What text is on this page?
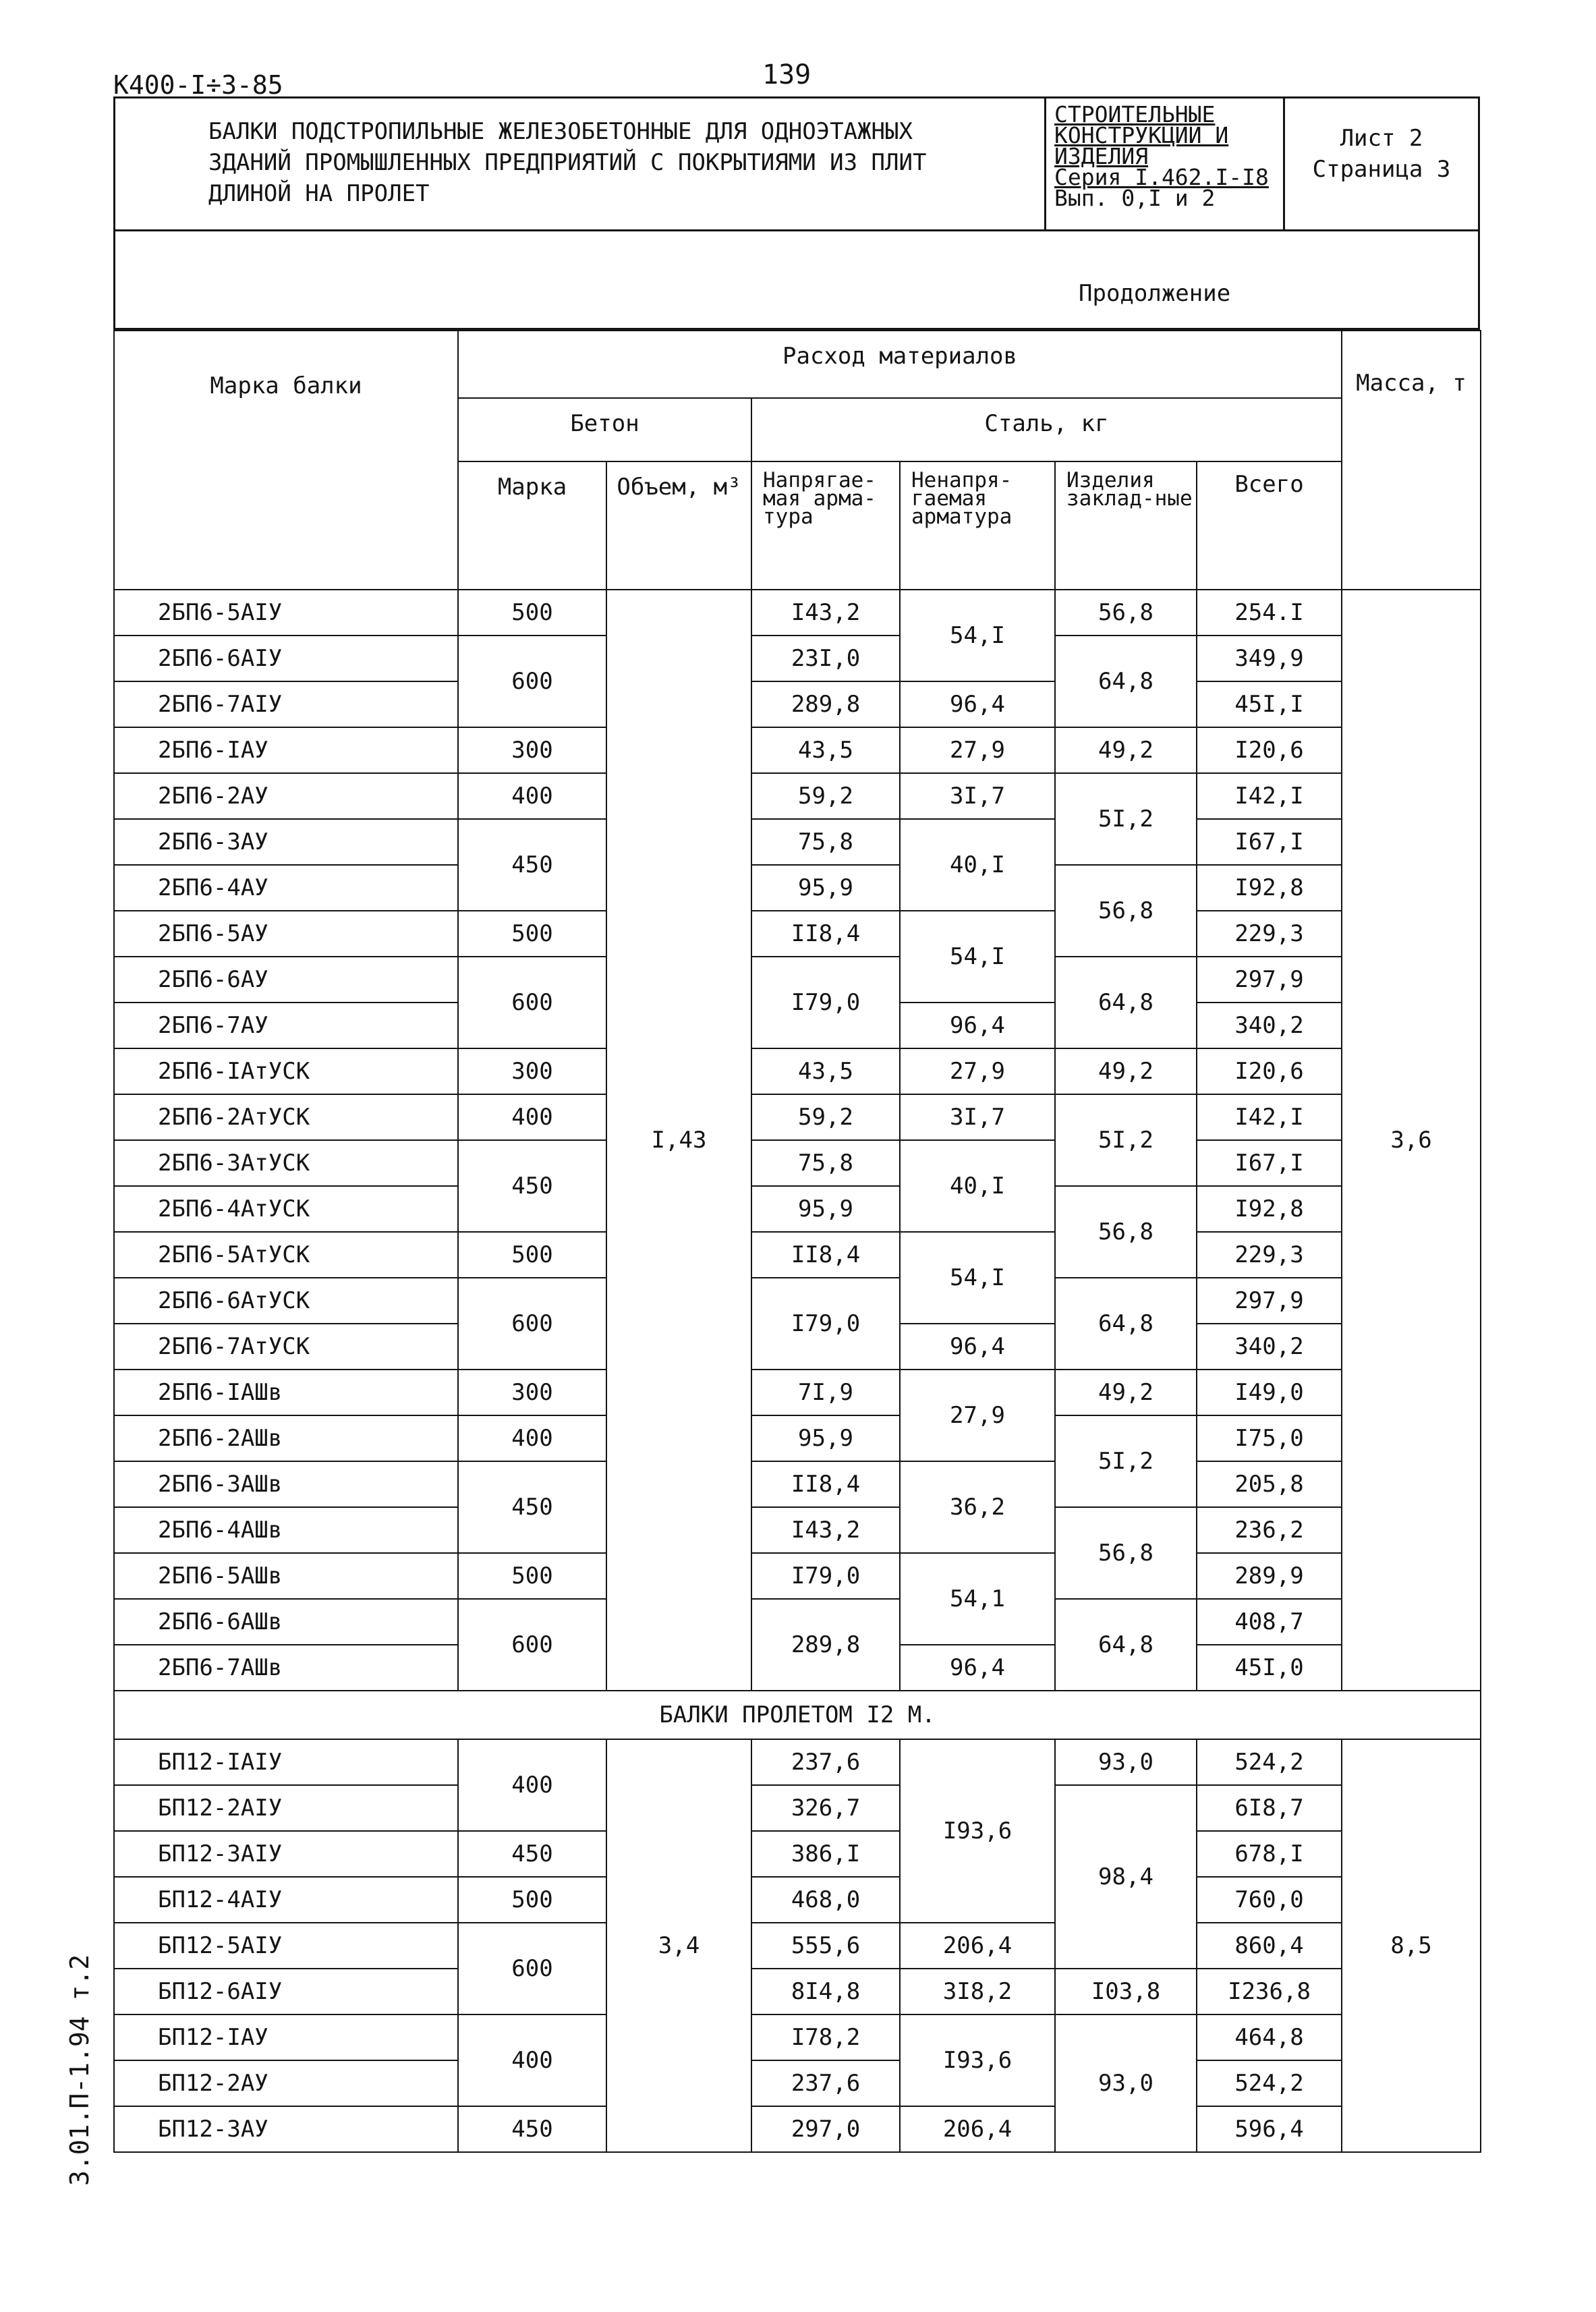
К400-I÷3-85	139
3.01.П-1.94 т.2
БАЛКИ ПОДСТРОПИЛЬНЫЕ ЖЕЛЕЗОБЕТОННЫЕ ДЛЯ ОДНОЭТАЖНЫХ
ЗДАНИЙ ПРОМЫШЛЕННЫХ ПРЕДПРИЯТИЙ С ПОКРЫТИЯМИ ИЗ ПЛИТ
ДЛИНОЙ НА ПРОЛЕТ
СТРОИТЕЛЬНЫЕ
КОНСТРУКЦИИ И
ИЗДЕЛИЯ
Серия I.462.I-I8
Вып. 0,I и 2
Лист 2
Страница 3
Продолжение
Марка балки	Расход материалов						Масса, т
	Бетон		Сталь, кг				
	Марка	Объем, м³	Напрягае-мая арма-тура	Ненапря-гаемая арматура	Изделия заклад-ные	Всего	
2БП6-5АIУ	500	I,43	I43,2	54,I	56,8	254.I	3,6
2БП6-6АIУ	600		23I,0		64,8	349,9	
2БП6-7АIУ			289,8	96,4		45I,I	
2БП6-IАУ	300		43,5	27,9	49,2	I20,6	
2БП6-2АУ	400		59,2	3I,7	5I,2	I42,I	
2БП6-3АУ	450		75,8	40,I		I67,I	
2БП6-4АУ			95,9		56,8	I92,8	
2БП6-5АУ	500		II8,4	54,I		229,3	
2БП6-6АУ	600		I79,0		64,8	297,9	
2БП6-7АУ				96,4		340,2	
2БП6-IАтУСК	300		43,5	27,9	49,2	I20,6	
2БП6-2АтУСК	400		59,2	3I,7	5I,2	I42,I	
2БП6-3АтУСК	450		75,8	40,I		I67,I	
2БП6-4АтУСК			95,9		56,8	I92,8	
2БП6-5АтУСК	500		II8,4	54,I		229,3	
2БП6-6АтУСК	600		I79,0		64,8	297,9	
2БП6-7АтУСК				96,4		340,2	
2БП6-IАШв	300		7I,9	27,9	49,2	I49,0	
2БП6-2АШв	400		95,9		5I,2	I75,0	
2БП6-3АШв	450		II8,4	36,2		205,8	
2БП6-4АШв			I43,2		56,8	236,2	
2БП6-5АШв	500		I79,0	54,1		289,9	
2БП6-6АШв	600		289,8		64,8	408,7	
2БП6-7АШв				96,4		45I,0	
БАЛКИ ПРОЛЕТОМ I2 М.							
БП12-IАIУ	400	3,4	237,6	I93,6	93,0	524,2	8,5
БП12-2АIУ			326,7		98,4	6I8,7	
БП12-3АIУ	450		386,I			678,I	
БП12-4АIУ	500		468,0			760,0	
БП12-5АIУ	600		555,6	206,4		860,4	
БП12-6АIУ			8I4,8	3I8,2	I03,8	I236,8	
БП12-IАУ	400		I78,2	I93,6	93,0	464,8	
БП12-2АУ			237,6			524,2	
БП12-3АУ	450		297,0	206,4		596,4	
